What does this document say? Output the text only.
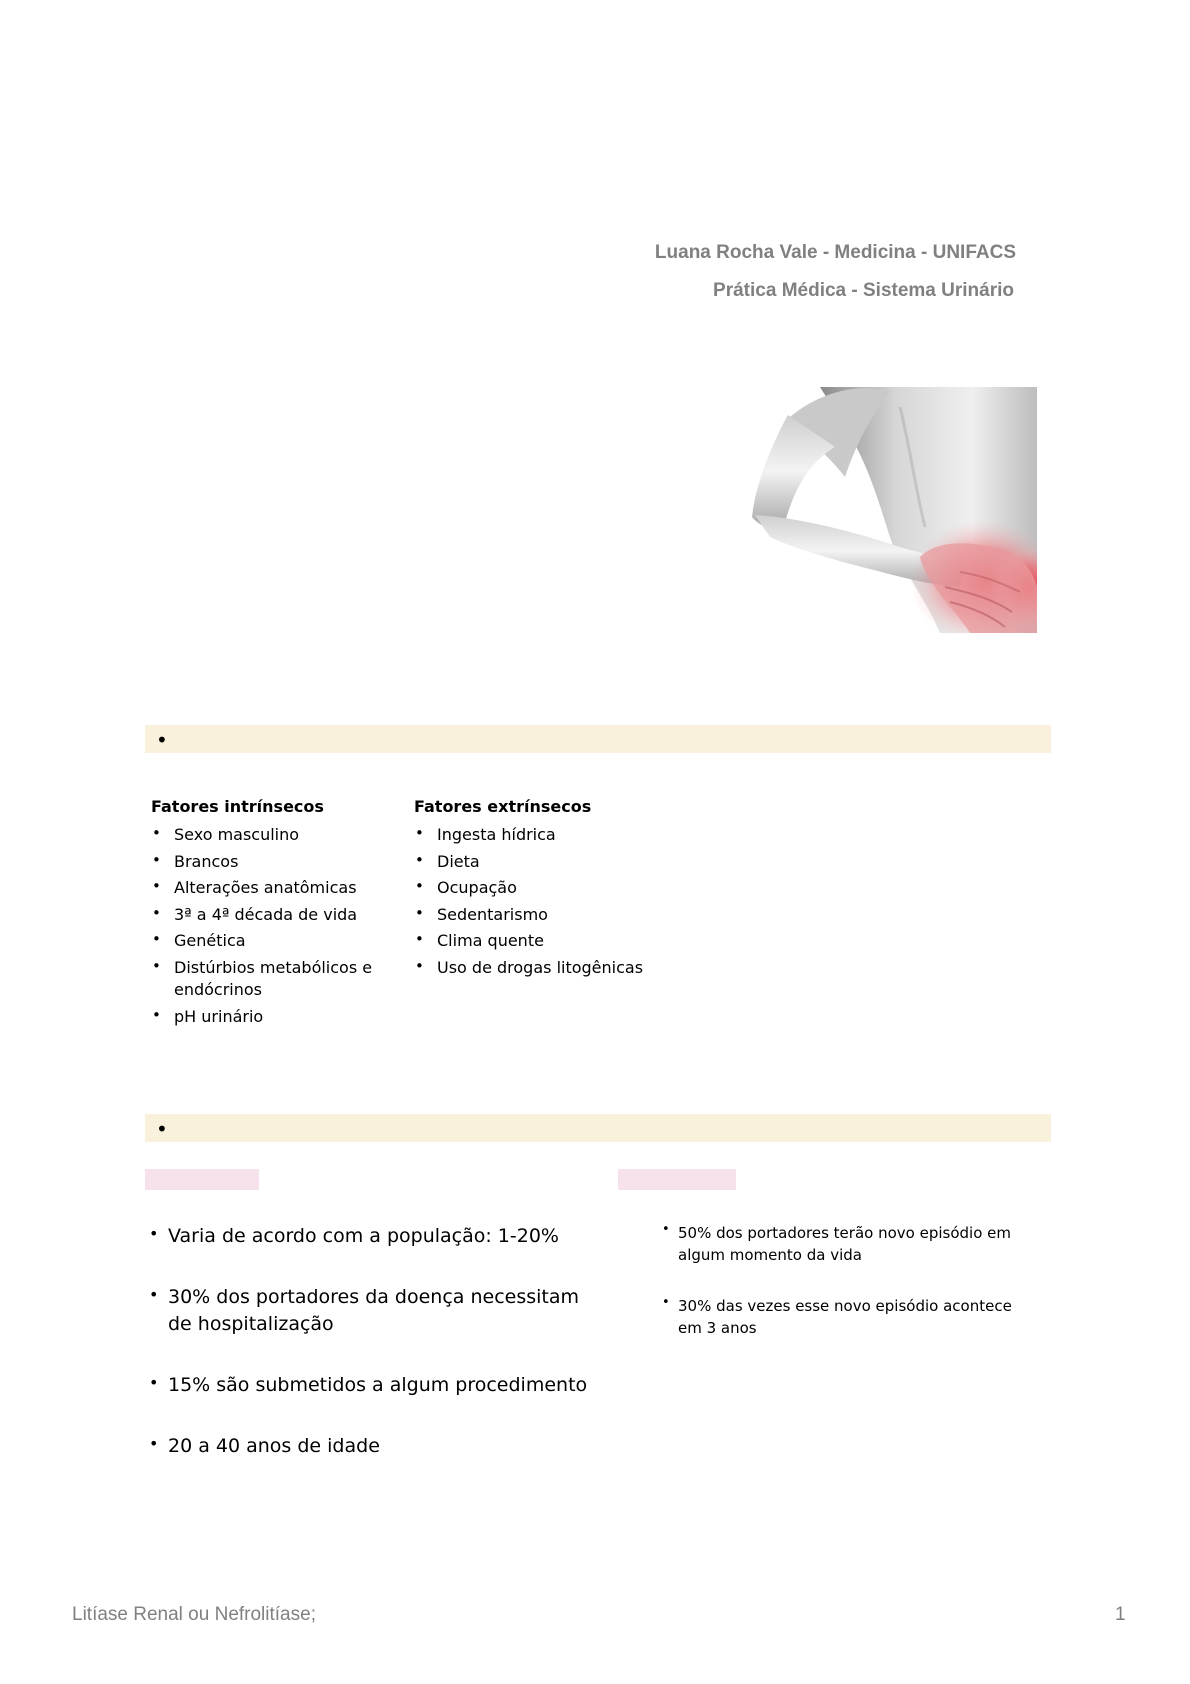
Luana Rocha Vale - Medicina - UNIFACS
Prática Médica - Sistema Urinário
•
Fatores intrínsecos
• Sexo masculino
• Brancos
• Alterações anatômicas
• 3ª a 4ª década de vida
• Genética
• Distúrbios metabólicos e endócrinos
• pH urinário
Fatores extrínsecos
• Ingesta hídrica
• Dieta
• Ocupação
• Sedentarismo
• Clima quente
• Uso de drogas litogênicas
•
• Varia de acordo com a população: 1-20%
• 30% dos portadores da doença necessitam de hospitalização
• 15% são submetidos a algum procedimento
• 20 a 40 anos de idade
• 50% dos portadores terão novo episódio em algum momento da vida
• 30% das vezes esse novo episódio acontece em 3 anos
Litíase Renal ou Nefrolitíase;	1
